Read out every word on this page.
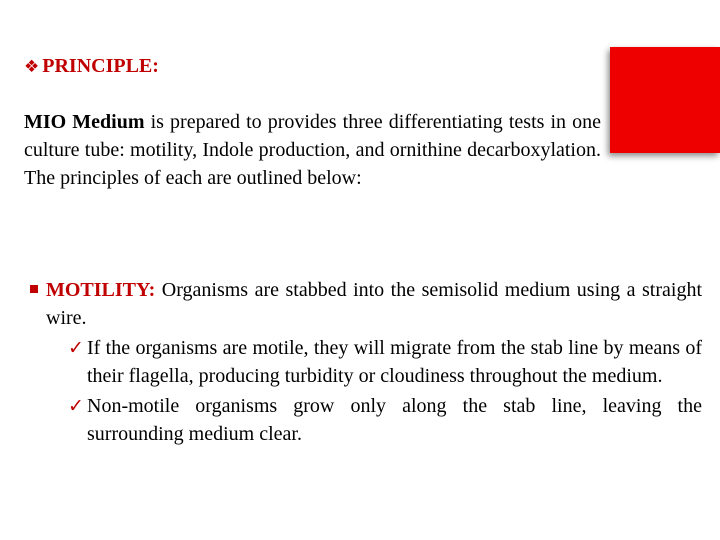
❖ PRINCIPLE:
MIO Medium is prepared to provides three differentiating tests in one culture tube: motility, Indole production, and ornithine decarboxylation. The principles of each are outlined below:
MOTILITY: Organisms are stabbed into the semisolid medium using a straight wire.
✓ If the organisms are motile, they will migrate from the stab line by means of their flagella, producing turbidity or cloudiness throughout the medium.
✓ Non-motile organisms grow only along the stab line, leaving the surrounding medium clear.
